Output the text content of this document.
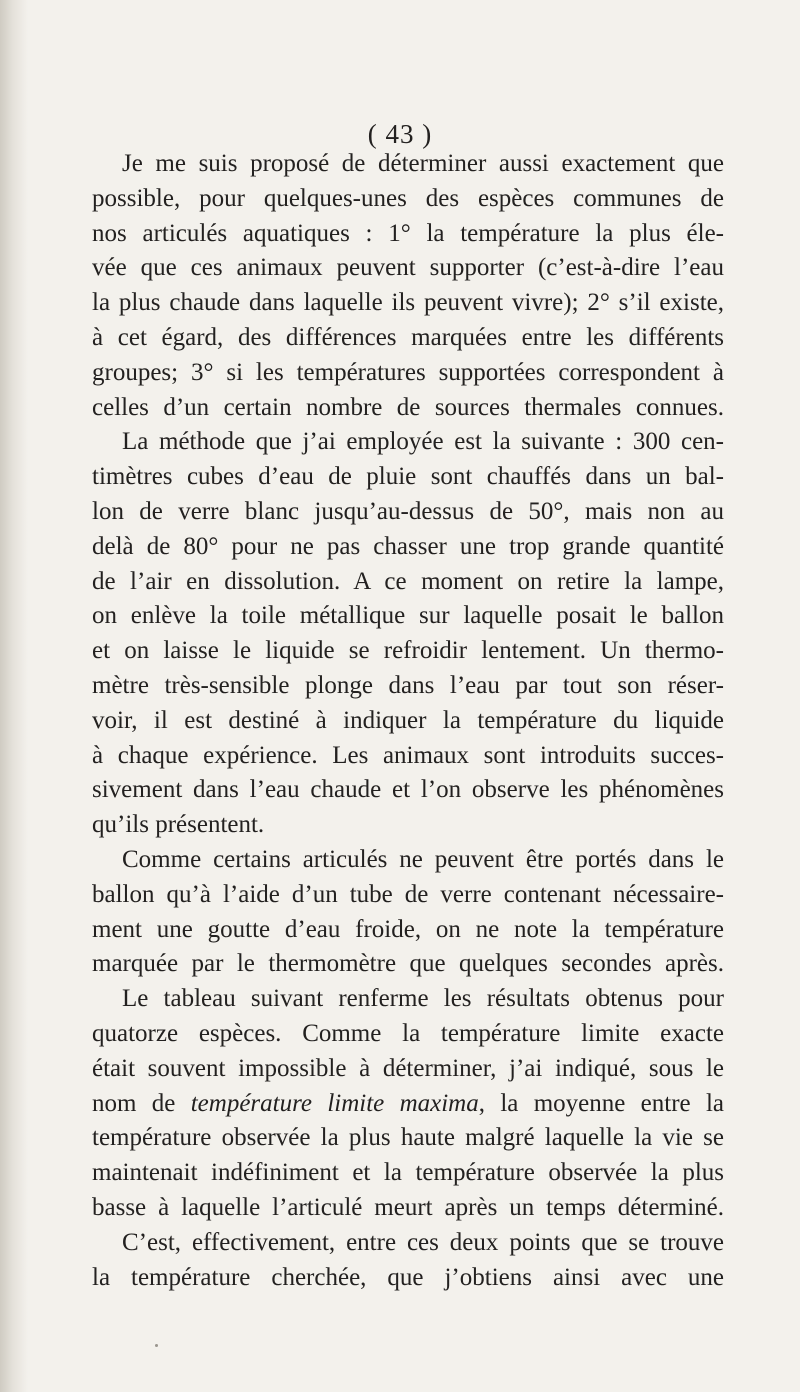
( 43 )
Je me suis proposé de déterminer aussi exactement que
possible, pour quelques-unes des espèces communes de
nos articulés aquatiques : 1° la température la plus éle-
vée que ces animaux peuvent supporter (c’est-à-dire l’eau
la plus chaude dans laquelle ils peuvent vivre); 2° s’il existe,
à cet égard, des différences marquées entre les différents
groupes; 3° si les températures supportées correspondent à
celles d’un certain nombre de sources thermales connues.
La méthode que j’ai employée est la suivante : 300 cen-
timètres cubes d’eau de pluie sont chauffés dans un bal-
lon de verre blanc jusqu’au-dessus de 50°, mais non au
delà de 80° pour ne pas chasser une trop grande quantité
de l’air en dissolution. A ce moment on retire la lampe,
on enlève la toile métallique sur laquelle posait le ballon
et on laisse le liquide se refroidir lentement. Un thermo-
mètre très-sensible plonge dans l’eau par tout son réser-
voir, il est destiné à indiquer la température du liquide
à chaque expérience. Les animaux sont introduits succes-
sivement dans l’eau chaude et l’on observe les phénomènes
qu’ils présentent.
Comme certains articulés ne peuvent être portés dans le
ballon qu’à l’aide d’un tube de verre contenant nécessaire-
ment une goutte d’eau froide, on ne note la température
marquée par le thermomètre que quelques secondes après.
Le tableau suivant renferme les résultats obtenus pour
quatorze espèces. Comme la température limite exacte
était souvent impossible à déterminer, j’ai indiqué, sous le
nom de température limite maxima, la moyenne entre la
température observée la plus haute malgré laquelle la vie se
maintenait indéfiniment et la température observée la plus
basse à laquelle l’articulé meurt après un temps déterminé.
C’est, effectivement, entre ces deux points que se trouve
la température cherchée, que j’obtiens ainsi avec une
